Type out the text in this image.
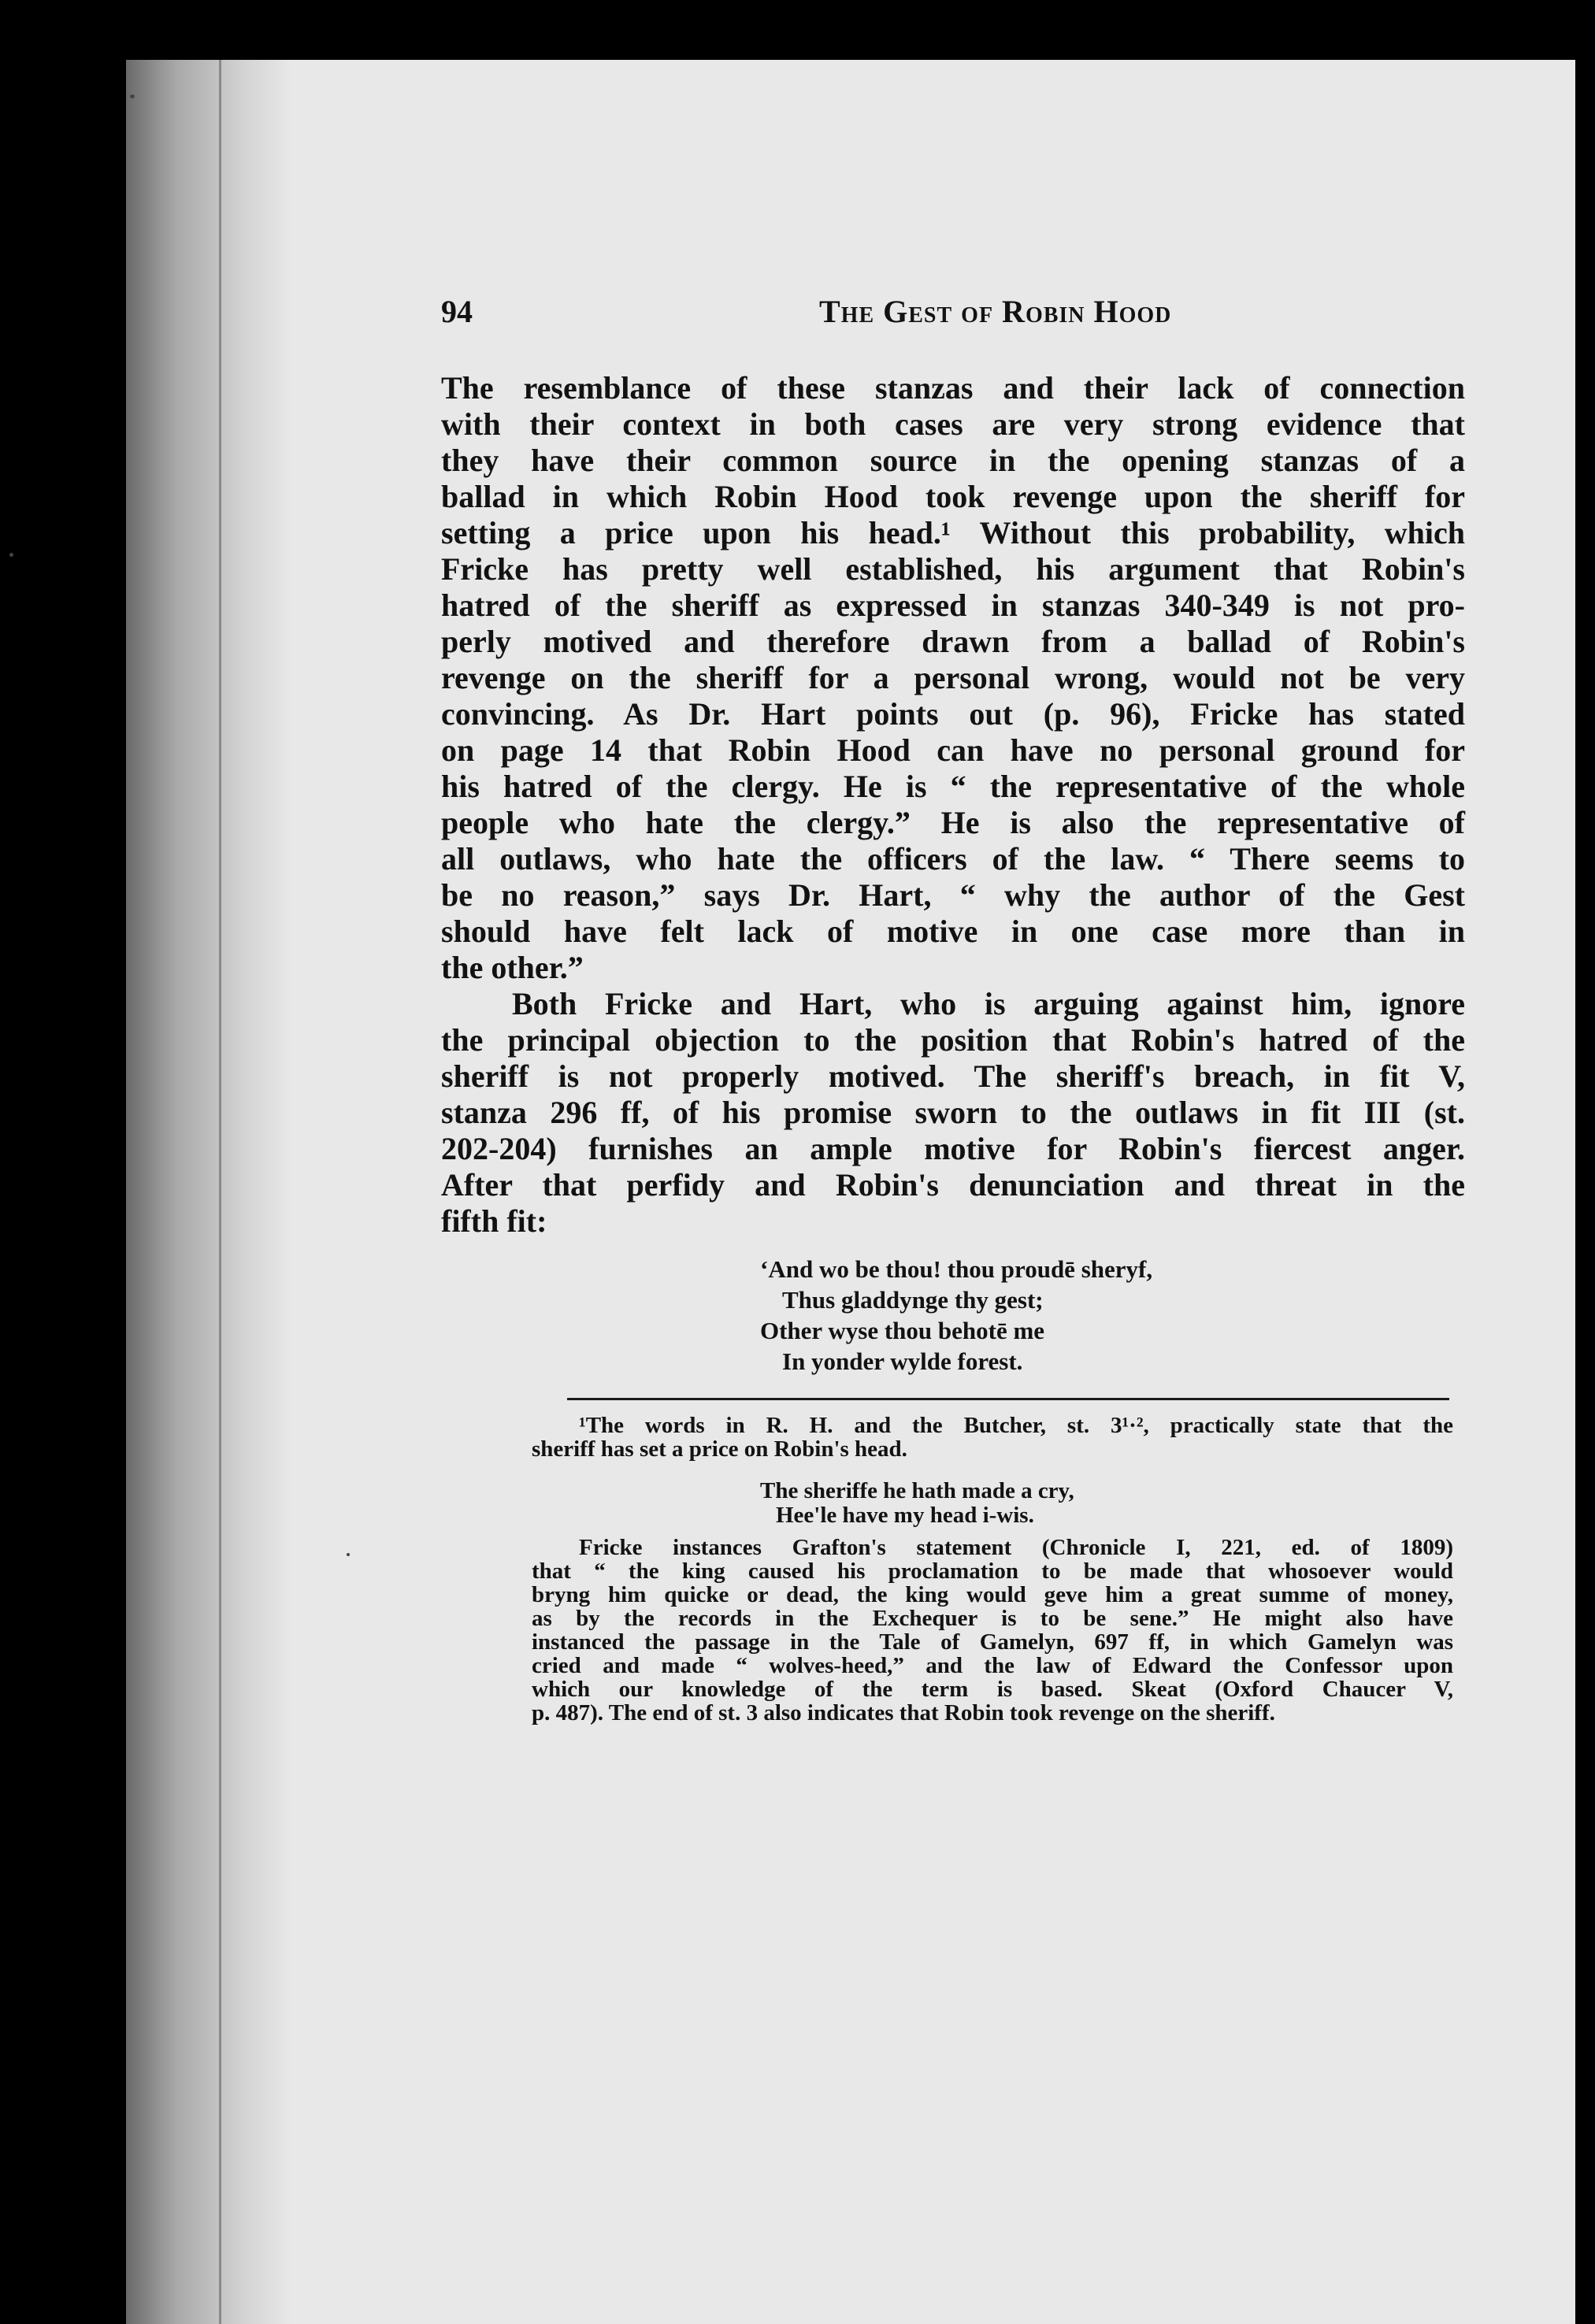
94	The Gest of Robin Hood
The resemblance of these stanzas and their lack of connection
with their context in both cases are very strong evidence that
they have their common source in the opening stanzas of a
ballad in which Robin Hood took revenge upon the sheriff for
setting a price upon his head.¹ Without this probability, which
Fricke has pretty well established, his argument that Robin's
hatred of the sheriff as expressed in stanzas 340-349 is not pro-
perly motived and therefore drawn from a ballad of Robin's
revenge on the sheriff for a personal wrong, would not be very
convincing. As Dr. Hart points out (p. 96), Fricke has stated
on page 14 that Robin Hood can have no personal ground for
his hatred of the clergy. He is “ the representative of the whole
people who hate the clergy.” He is also the representative of
all outlaws, who hate the officers of the law. “ There seems to
be no reason,” says Dr. Hart, “ why the author of the Gest
should have felt lack of motive in one case more than in
the other.”
Both Fricke and Hart, who is arguing against him, ignore
the principal objection to the position that Robin's hatred of the
sheriff is not properly motived. The sheriff's breach, in fit V,
stanza 296 ff, of his promise sworn to the outlaws in fit III (st.
202-204) furnishes an ample motive for Robin's fiercest anger.
After that perfidy and Robin's denunciation and threat in the
fifth fit:
‘And wo be thou! thou proudē sheryf,
Thus gladdynge thy gest;
Other wyse thou behotē me
In yonder wylde forest.
¹The words in R. H. and the Butcher, st. 3¹·², practically state that the
sheriff has set a price on Robin's head.
The sheriffe he hath made a cry,
Hee'le have my head i-wis.
Fricke instances Grafton's statement (Chronicle I, 221, ed. of 1809)
that “ the king caused his proclamation to be made that whosoever would
bryng him quicke or dead, the king would geve him a great summe of money,
as by the records in the Exchequer is to be sene.” He might also have
instanced the passage in the Tale of Gamelyn, 697 ff, in which Gamelyn was
cried and made “ wolves-heed,” and the law of Edward the Confessor upon
which our knowledge of the term is based. Skeat (Oxford Chaucer V,
p. 487). The end of st. 3 also indicates that Robin took revenge on the sheriff.
